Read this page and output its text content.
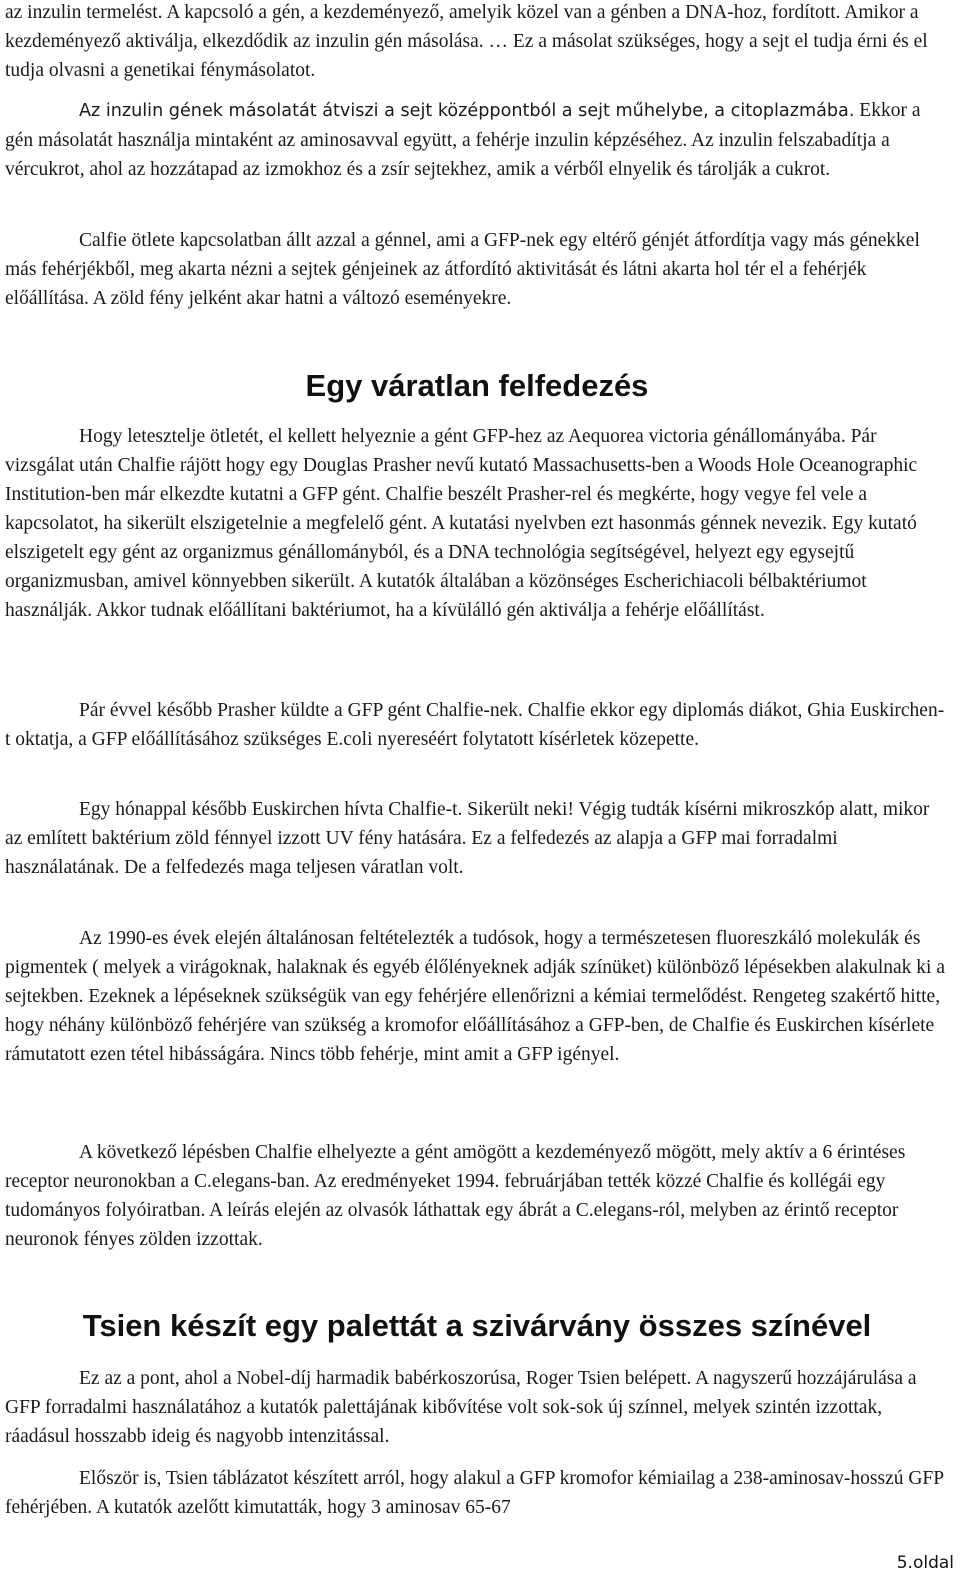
az inzulin termelést. A kapcsoló a gén, a kezdeményező, amelyik közel van a génben a DNA-hoz, fordított. Amikor a kezdeményező aktiválja, elkezdődik az inzulin gén másolása. … Ez a másolat szükséges, hogy a sejt el tudja érni és el tudja olvasni a genetikai fénymásolatot.

Az inzulin gének másolatát átviszi a sejt középpontból a sejt műhelybe, a citoplazmába. Ekkor a gén másolatát használja mintaként az aminosavval együtt, a fehérje inzulin képzéséhez. Az inzulin felszabadítja a vércukrot, ahol az hozzátapad az izmokhoz és a zsír sejtekhez, amik a vérből elnyelik és tárolják a cukrot.

Calfie ötlete kapcsolatban állt azzal a génnel, ami a GFP-nek egy eltérő génjét átfordítja vagy más génekkel más fehérjékből, meg akarta nézni a sejtek génjeinek az átfordító aktivitását és látni akarta hol tér el a fehérjék előállítása. A zöld fény jelként akar hatni a változó eseményekre.

Egy váratlan felfedezés

Hogy letesztelje ötletét, el kellett helyeznie a gént GFP-hez az Aequorea victoria génállományába. Pár vizsgálat után Chalfie rájött hogy egy Douglas Prasher nevű kutató Massachusetts-ben a Woods Hole Oceanographic Institution-ben már elkezdte kutatni a GFP gént. Chalfie beszélt Prasher-rel és megkérte, hogy vegye fel vele a kapcsolatot, ha sikerült elszigetelnie a megfelelő gént. A kutatási nyelvben ezt hasonmás génnek nevezik. Egy kutató elszigetelt egy gént az organizmus génállományból, és a DNA technológia segítségével, helyezt egy egysejtű organizmusban, amivel könnyebben sikerült. A kutatók általában a közönséges Escherichiacoli bélbaktériumot használják. Akkor tudnak előállítani baktériumot, ha a kívülálló gén aktiválja a fehérje előállítást.

Pár évvel később Prasher küldte a GFP gént Chalfie-nek. Chalfie ekkor egy diplomás diákot, Ghia Euskirchen-t oktatja, a GFP előállításához szükséges E.coli nyereséért folytatott kísérletek közepette.

Egy hónappal később Euskirchen hívta Chalfie-t. Sikerült neki! Végig tudták kísérni mikroszkóp alatt, mikor az említett baktérium zöld fénnyel izzott UV fény hatására. Ez a felfedezés az alapja a GFP mai forradalmi használatának. De a felfedezés maga teljesen váratlan volt.

Az 1990-es évek elején általánosan feltételezték a tudósok, hogy a természetesen fluoreszkáló molekulák és pigmentek ( melyek a virágoknak, halaknak és egyéb élőlényeknek adják színüket) különböző lépésekben alakulnak ki a sejtekben. Ezeknek a lépéseknek szükségük van egy fehérjére ellenőrizni a kémiai termelődést. Rengeteg szakértő hitte, hogy néhány különböző fehérjére van szükség a kromofor előállításához a GFP-ben, de Chalfie és Euskirchen kísérlete rámutatott ezen tétel hibásságára. Nincs több fehérje, mint amit a GFP igényel.

A következő lépésben Chalfie elhelyezte a gént amögött a kezdeményező mögött, mely aktív a 6 érintéses receptor neuronokban a C.elegans-ban. Az eredményeket 1994. februárjában tették közzé Chalfie és kollégái egy tudományos folyóiratban. A leírás elején az olvasók láthattak egy ábrát a C.elegans-ról, melyben az érintő receptor neuronok fényes zölden izzottak.

Tsien készít egy palettát a szivárvány összes színével

Ez az a pont, ahol a Nobel-díj harmadik babérkoszorúsa, Roger Tsien belépett. A nagyszerű hozzájárulása a GFP forradalmi használatához a kutatók palettájának kibővítése volt sok-sok új színnel, melyek szintén izzottak, ráadásul hosszabb ideig és nagyobb intenzitással.

Először is, Tsien táblázatot készített arról, hogy alakul a GFP kromofor kémiailag a 238-aminosav-hosszú GFP fehérjében. A kutatók azelőtt kimutatták, hogy 3 aminosav 65-67

5.oldal
